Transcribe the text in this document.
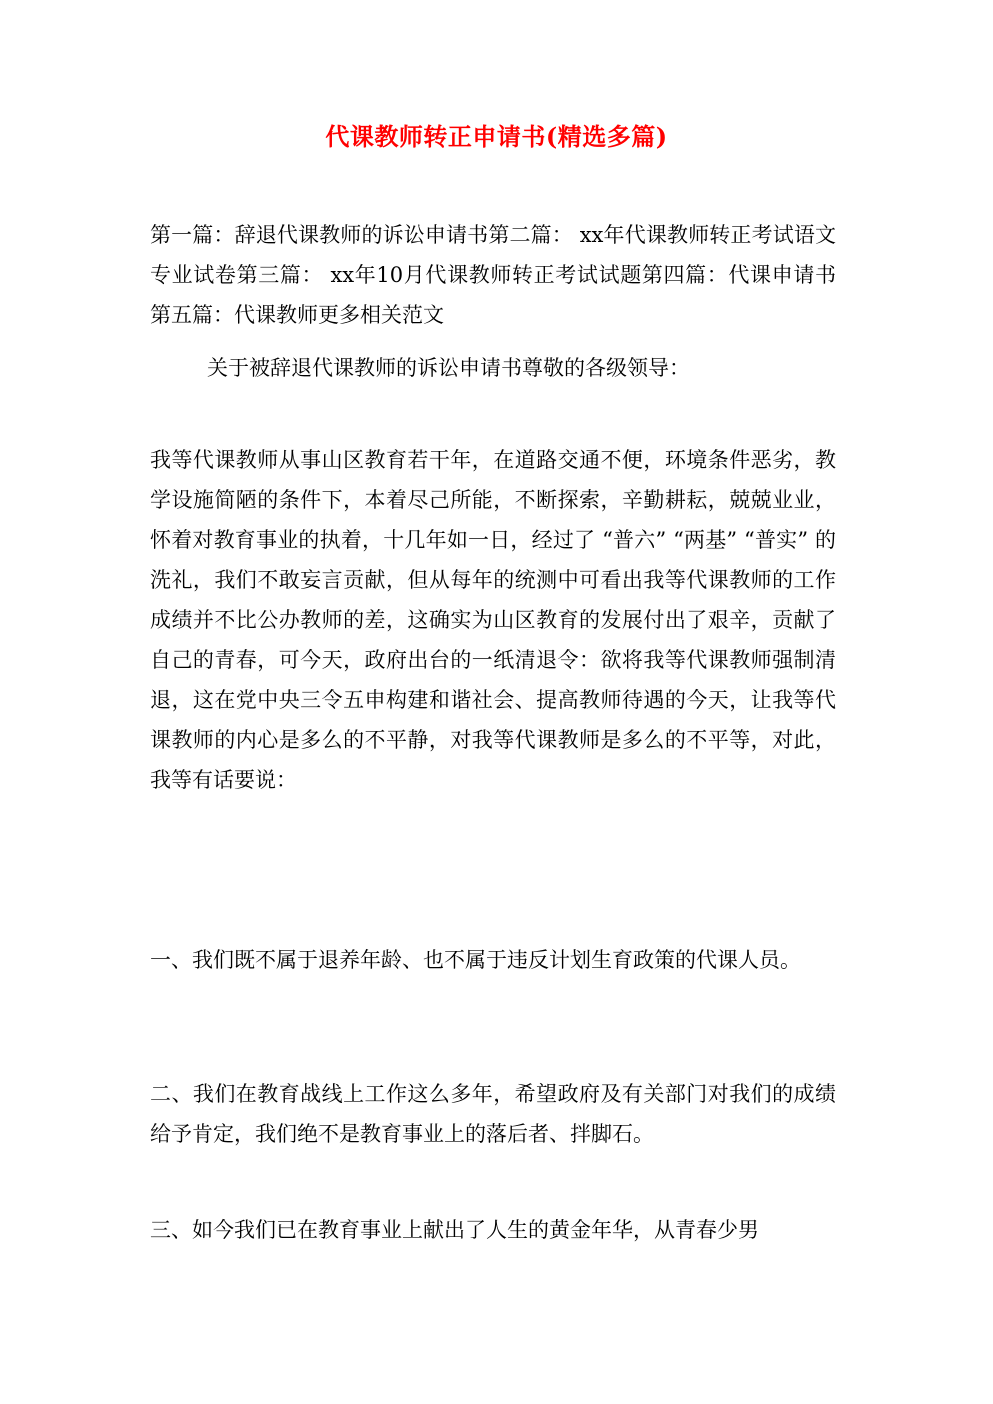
代课教师转正申请书(精选多篇)

第一篇：辞退代课教师的诉讼申请书第二篇： xx年代课教师转正考试语文专业试卷第三篇： xx年10月代课教师转正考试试题第四篇：代课申请书第五篇：代课教师更多相关范文

关于被辞退代课教师的诉讼申请书尊敬的各级领导：

我等代课教师从事山区教育若干年，在道路交通不便，环境条件恶劣，教学设施简陋的条件下，本着尽己所能，不断探索，辛勤耕耘，兢兢业业，怀着对教育事业的执着，十几年如一日，经过了 “普六” “两基” “普实” 的洗礼，我们不敢妄言贡献，但从每年的统测中可看出我等代课教师的工作成绩并不比公办教师的差，这确实为山区教育的发展付出了艰辛，贡献了自己的青春，可今天，政府出台的一纸清退令：欲将我等代课教师强制清退，这在党中央三令五申构建和谐社会、提高教师待遇的今天，让我等代课教师的内心是多么的不平静，对我等代课教师是多么的不平等，对此，我等有话要说：

一、我们既不属于退养年龄、也不属于违反计划生育政策的代课人员。

二、我们在教育战线上工作这么多年，希望政府及有关部门对我们的成绩给予肯定，我们绝不是教育事业上的落后者、拌脚石。

三、如今我们已在教育事业上献出了人生的黄金年华，从青春少男
